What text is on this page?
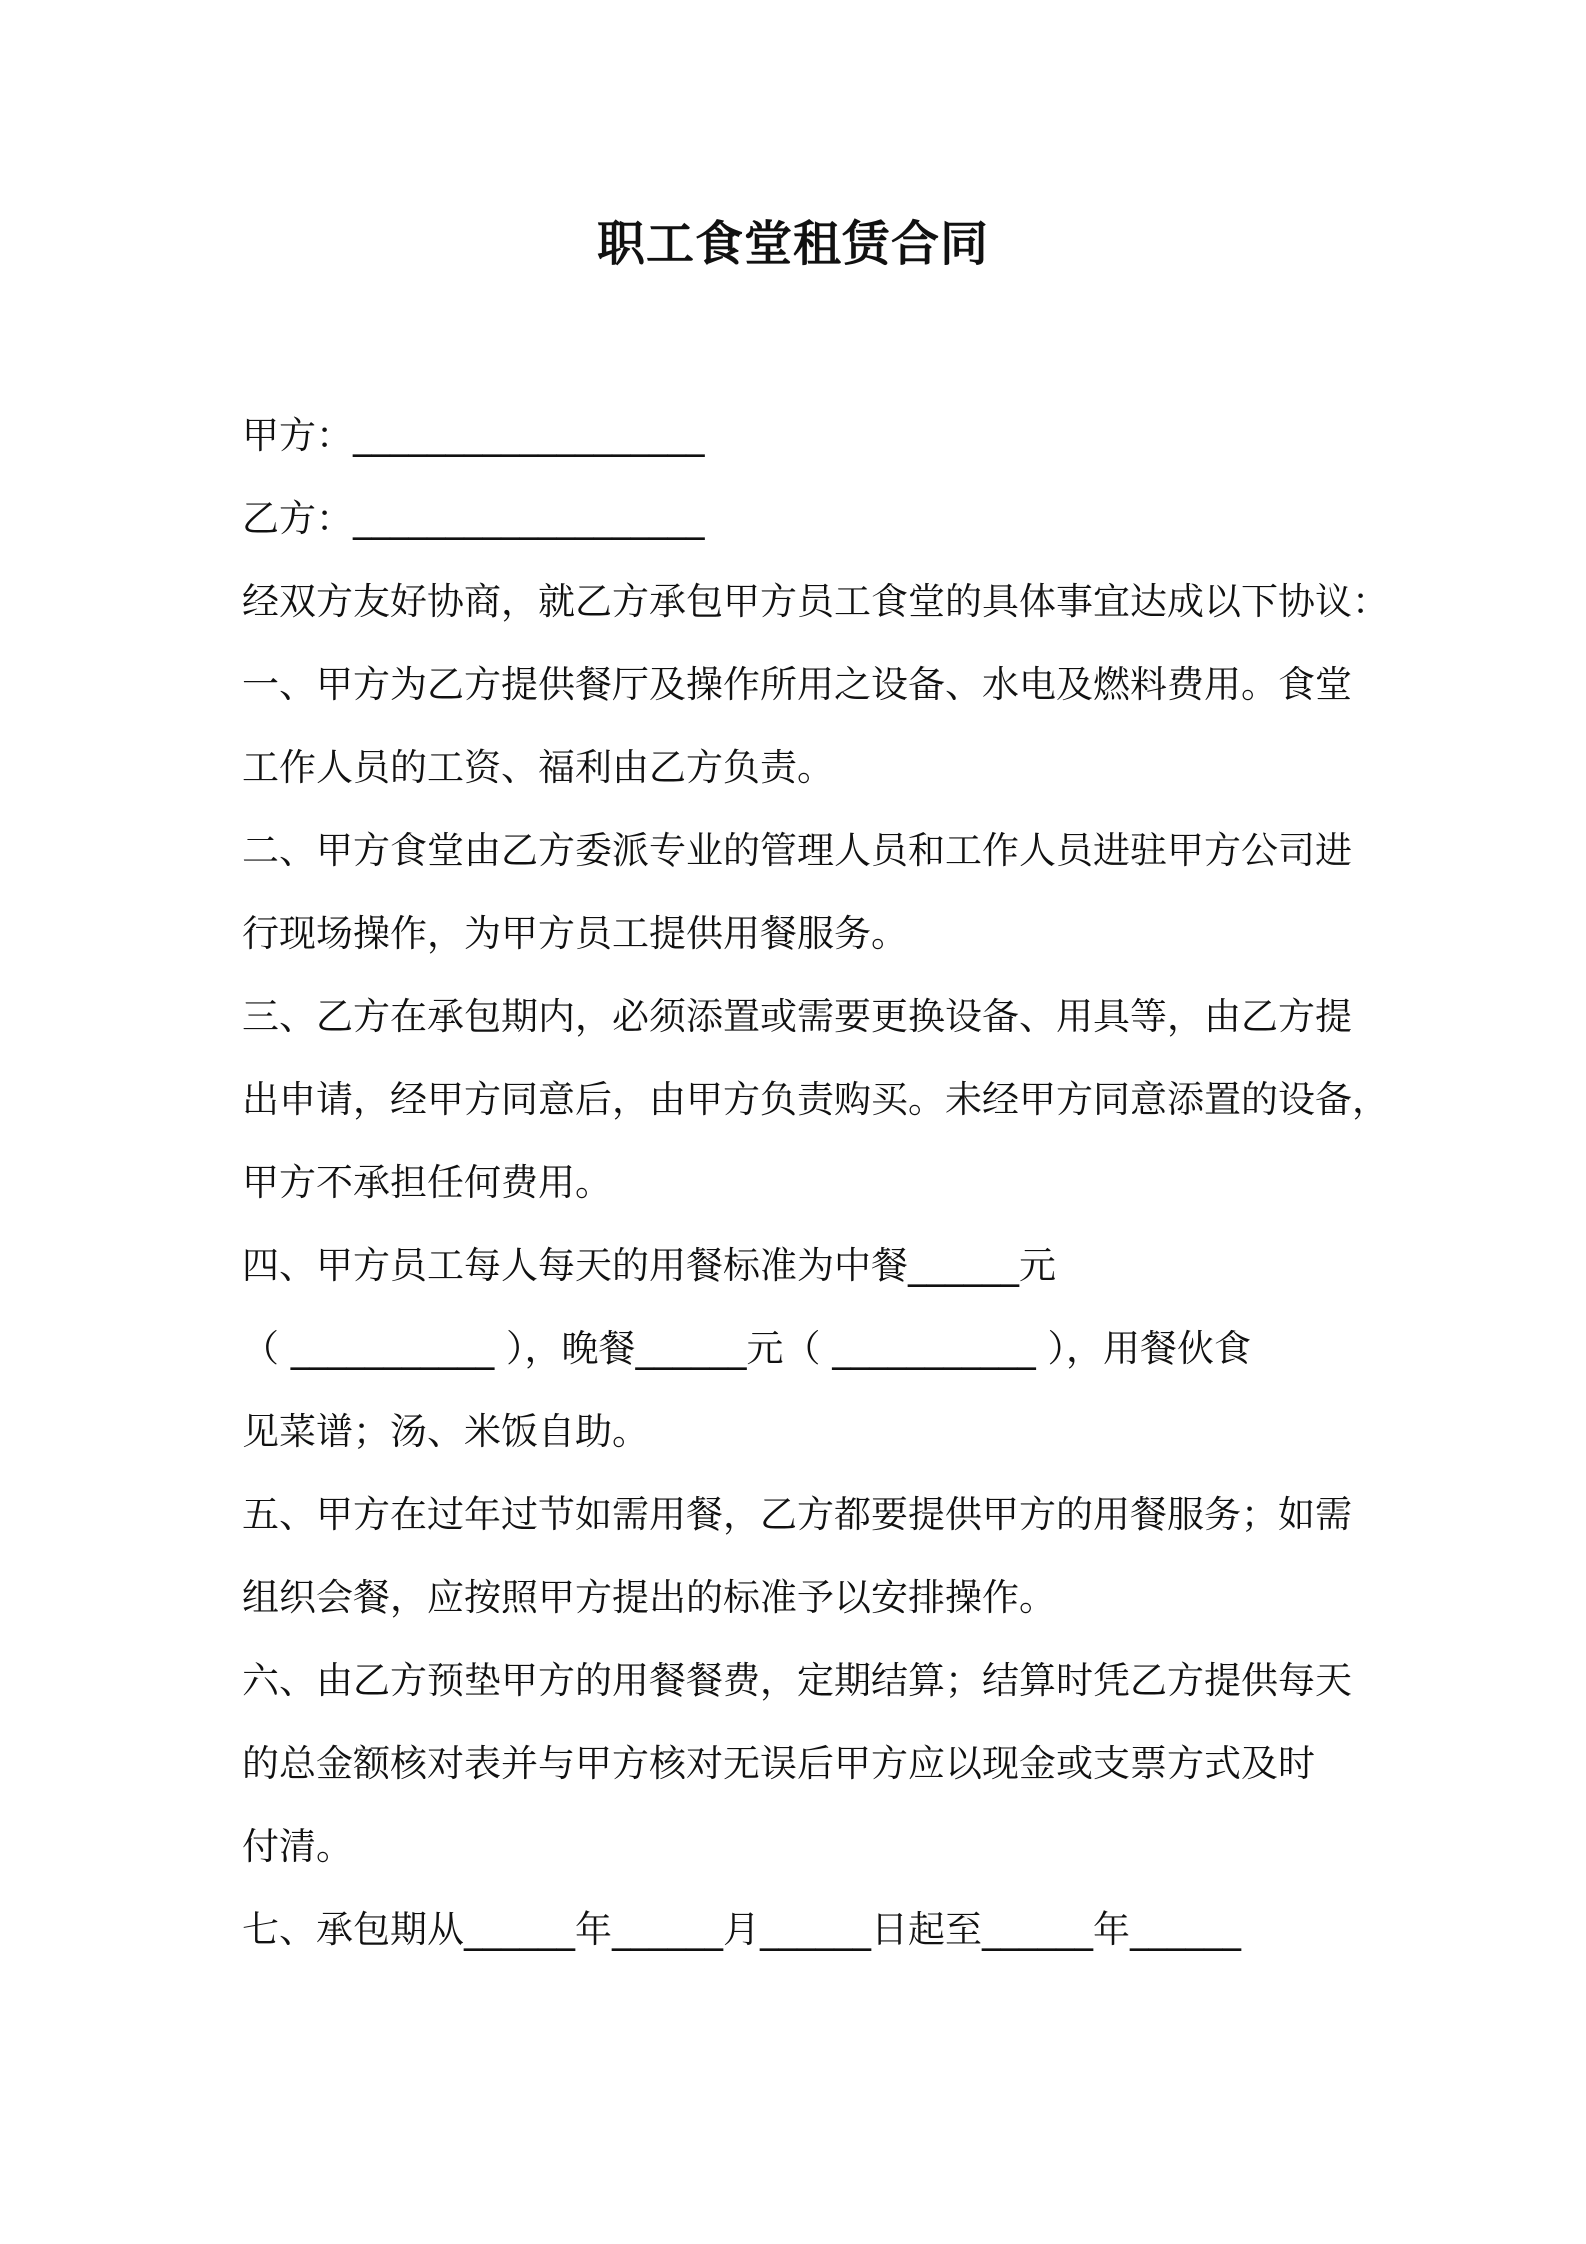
职工食堂租赁合同
甲方：___________________
乙方：___________________
经双方友好协商，就乙方承包甲方员工食堂的具体事宜达成以下协议：
一、甲方为乙方提供餐厅及操作所用之设备、水电及燃料费用。食堂
工作人员的工资、福利由乙方负责。
二、甲方食堂由乙方委派专业的管理人员和工作人员进驻甲方公司进
行现场操作，为甲方员工提供用餐服务。
三、乙方在承包期内，必须添置或需要更换设备、用具等，由乙方提
出申请，经甲方同意后，由甲方负责购买。未经甲方同意添置的设备，
甲方不承担任何费用。
四、甲方员工每人每天的用餐标准为中餐______元
（ ___________ ），晚餐______元（ ___________ ），用餐伙食
见菜谱；汤、米饭自助。
五、甲方在过年过节如需用餐，乙方都要提供甲方的用餐服务；如需
组织会餐，应按照甲方提出的标准予以安排操作。
六、由乙方预垫甲方的用餐餐费，定期结算；结算时凭乙方提供每天
的总金额核对表并与甲方核对无误后甲方应以现金或支票方式及时
付清。
七、承包期从______年______月______日起至______年______
